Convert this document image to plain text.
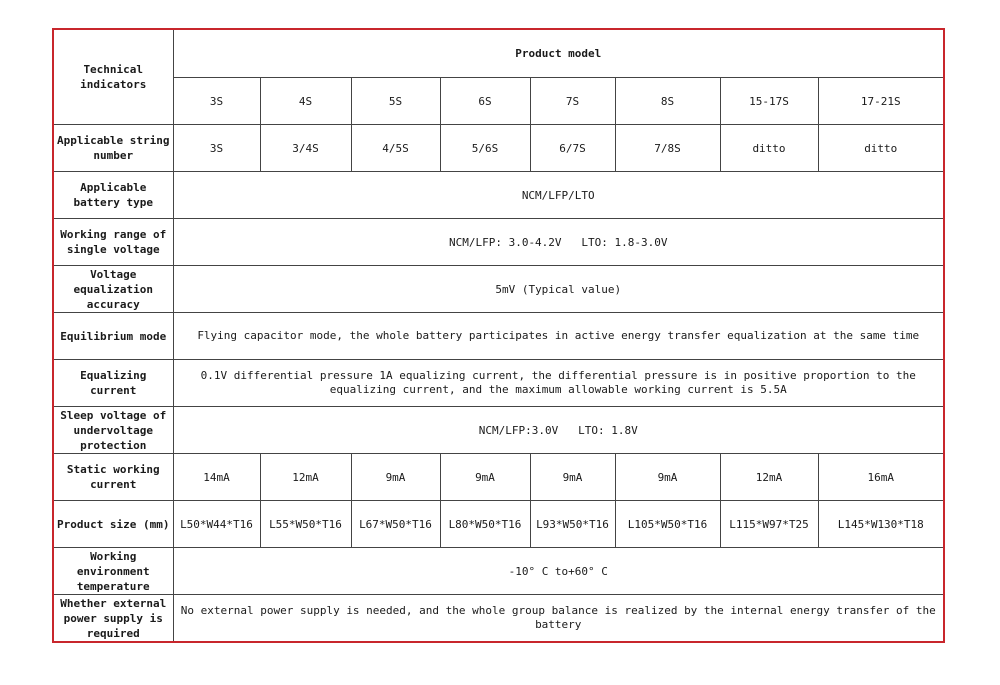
Technical indicators	Product model							
	3S	4S	5S	6S	7S	8S	15-17S	17-21S
Applicable string number	3S	3/4S	4/5S	5/6S	6/7S	7/8S	ditto	ditto
Applicable battery type	NCM/LFP/LTO							
Working range of single voltage	NCM/LFP: 3.0-4.2V   LTO: 1.8-3.0V							
Voltage equalization accuracy	5mV (Typical value)							
Equilibrium mode	Flying capacitor mode, the whole battery participates in active energy transfer equalization at the same time							
Equalizing current	0.1V differential pressure 1A equalizing current, the differential pressure is in positive proportion to the equalizing current, and the maximum allowable working current is 5.5A							
Sleep voltage of undervoltage protection	NCM/LFP:3.0V   LTO: 1.8V							
Static working current	14mA	12mA	9mA	9mA	9mA	9mA	12mA	16mA
Product size (mm)	L50*W44*T16	L55*W50*T16	L67*W50*T16	L80*W50*T16	L93*W50*T16	L105*W50*T16	L115*W97*T25	L145*W130*T18
Working environment temperature	-10° C to+60° C							
Whether external power supply is required	No external power supply is needed, and the whole group balance is realized by the internal energy transfer of the battery							
